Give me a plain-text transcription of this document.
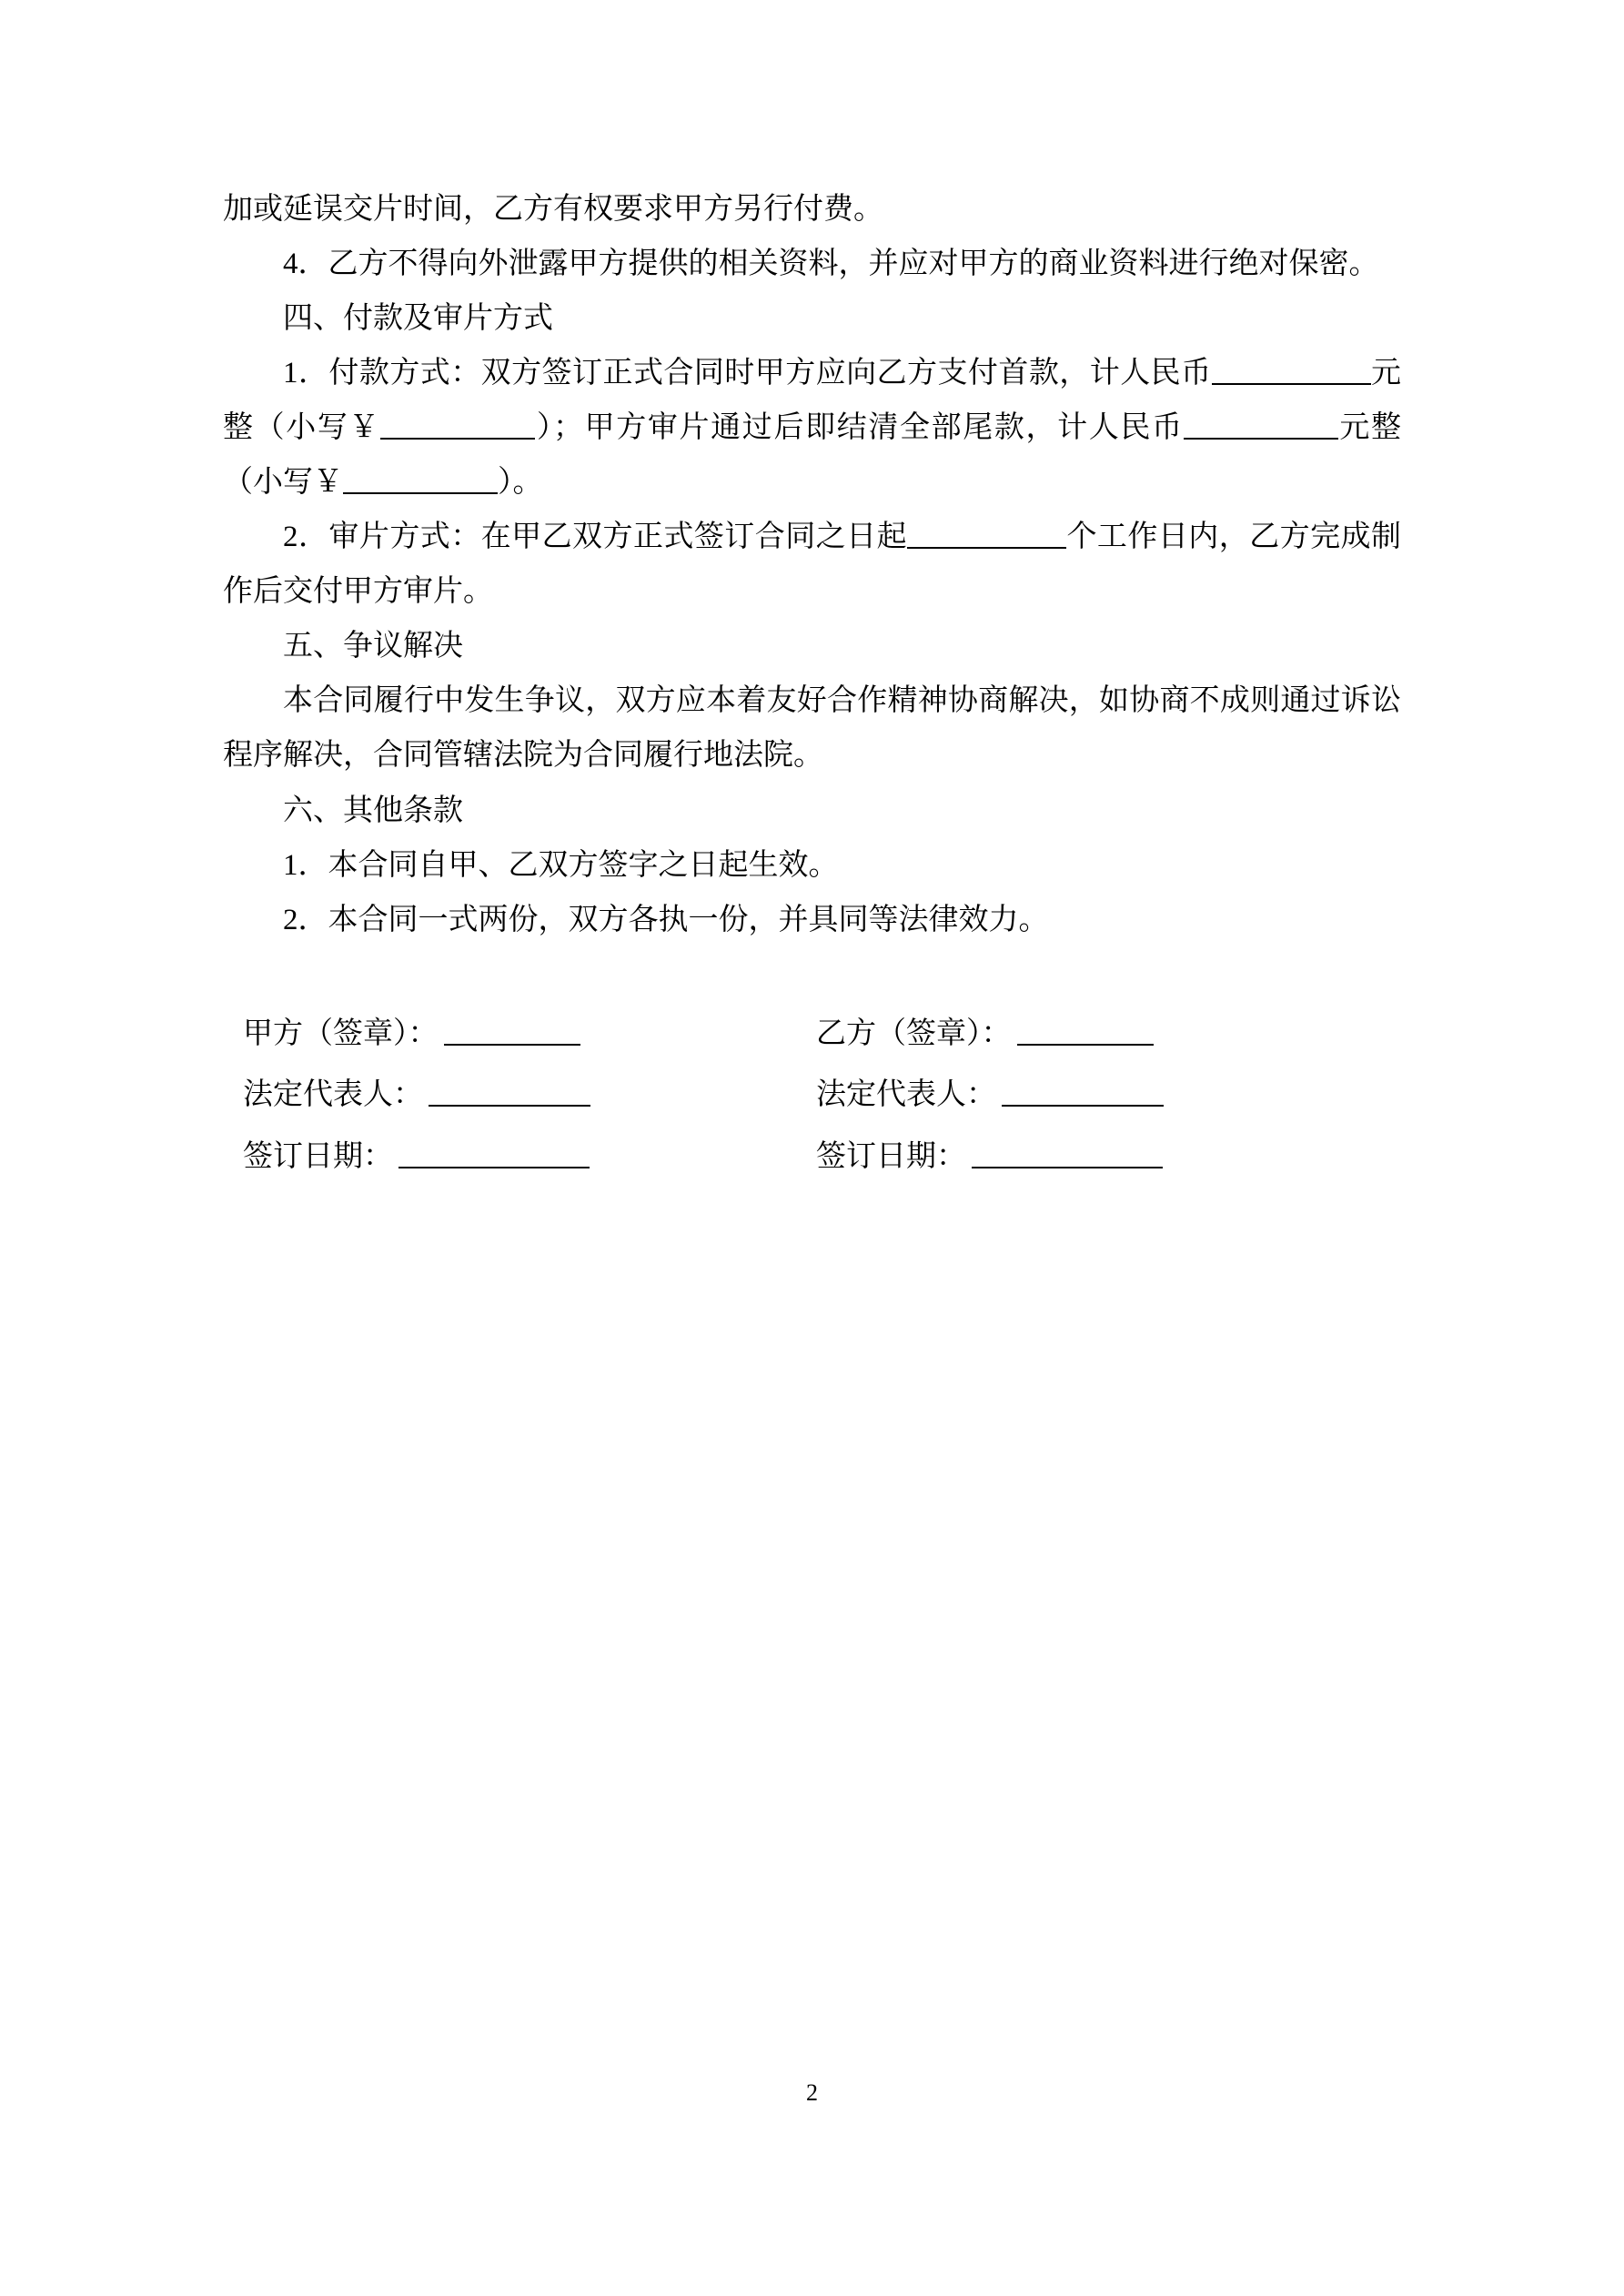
加或延误交片时间，乙方有权要求甲方另行付费。

4．乙方不得向外泄露甲方提供的相关资料，并应对甲方的商业资料进行绝对保密。

四、付款及审片方式

1．付款方式：双方签订正式合同时甲方应向乙方支付首款，计人民币	元整（小写￥	）；甲方审片通过后即结清全部尾款，计人民币	元整（小写￥	）。

2．审片方式：在甲乙双方正式签订合同之日起	个工作日内，乙方完成制作后交付甲方审片。

五、争议解决

本合同履行中发生争议，双方应本着友好合作精神协商解决，如协商不成则通过诉讼程序解决，合同管辖法院为合同履行地法院。

六、其他条款

1．本合同自甲、乙双方签字之日起生效。

2．本合同一式两份，双方各执一份，并具同等法律效力。

甲方（签章）：	乙方（签章）：
法定代表人：	法定代表人：
签订日期：	签订日期：
2
